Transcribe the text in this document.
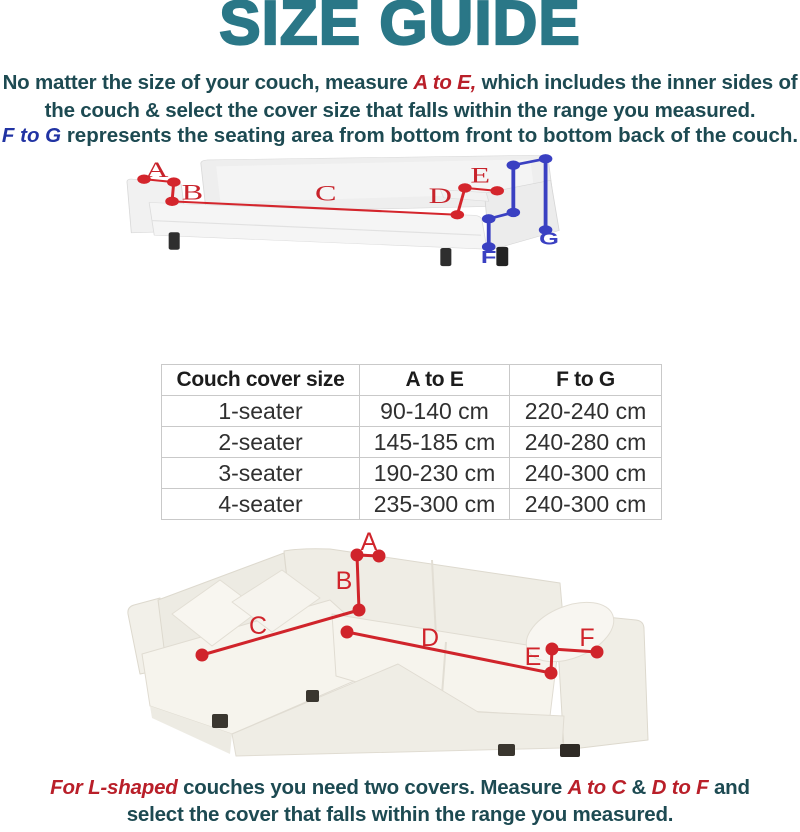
SIZE GUIDE

No matter the size of your couch, measure A to E, which includes the inner sides of
the couch & select the cover size that falls within the range you measured.

F to G represents the seating area from bottom front to bottom back of the couch.

A
B	C D
E
F
G
Couch cover size	A to E	F to G
1-seater	90-140 cm	220-240 cm
2-seater	145-185 cm	240-280 cm
3-seater	190-230 cm	240-300 cm
4-seater	235-300 cm	240-300 cm
A
B
C	D
E
F

For L-shaped couches you need two covers. Measure A to C & D to F and
select the cover that falls within the range you measured.
